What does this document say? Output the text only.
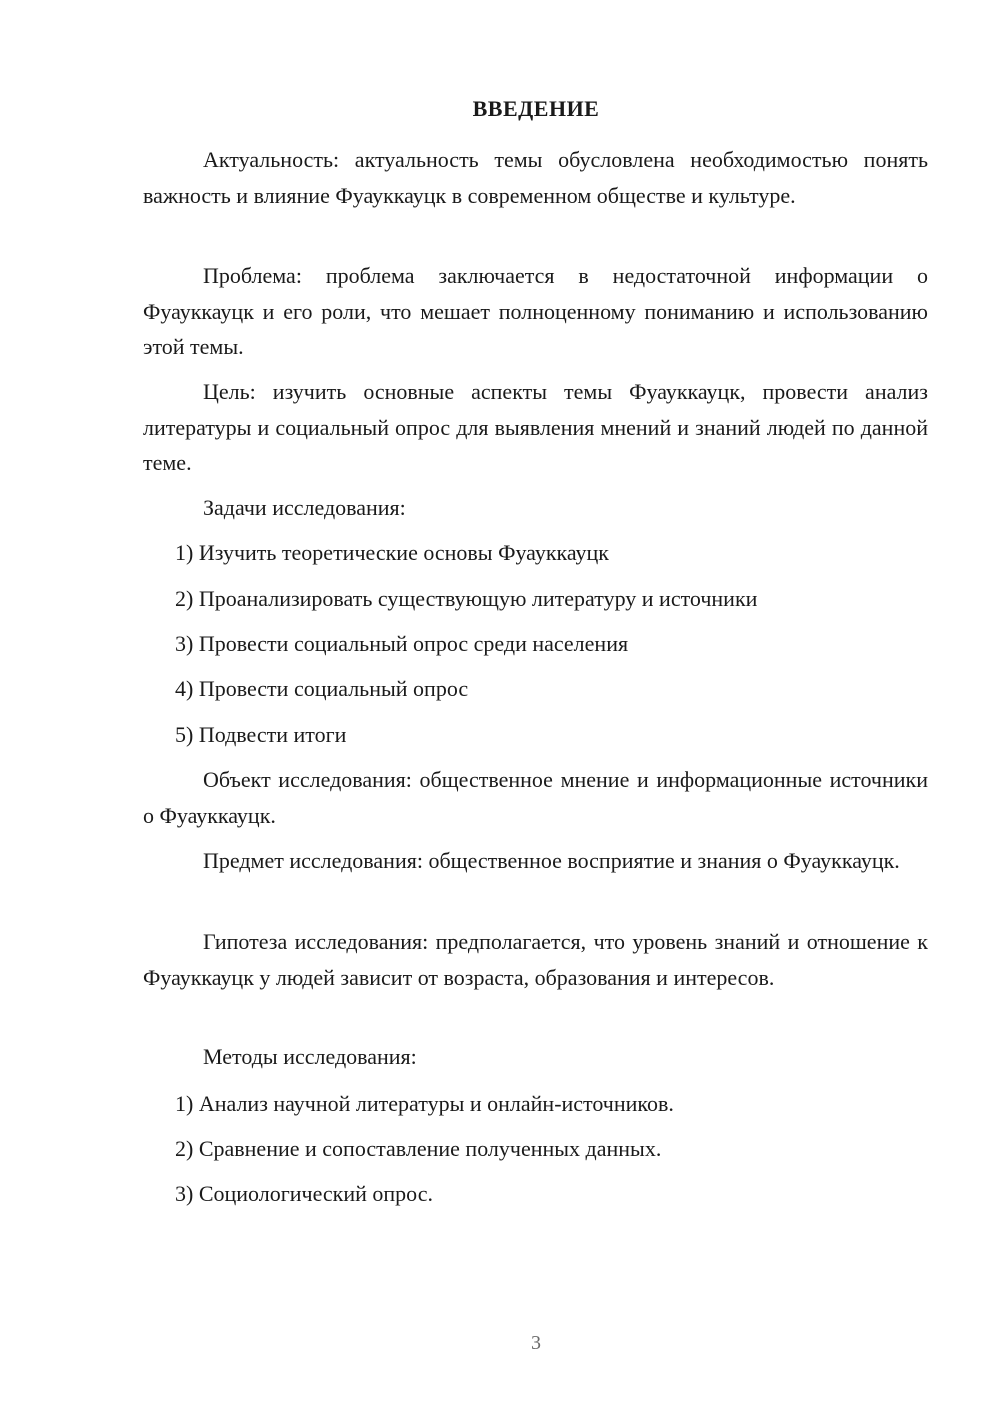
ВВЕДЕНИЕ

Актуальность: актуальность темы обусловлена необходимостью понять важность и влияние Фуауккауцк в современном обществе и культуре.

Проблема: проблема заключается в недостаточной информации о Фуауккауцк и его роли, что мешает полноценному пониманию и использованию этой темы.

Цель: изучить основные аспекты темы Фуауккауцк, провести анализ литературы и социальный опрос для выявления мнений и знаний людей по данной теме.

Задачи исследования:
1) Изучить теоретические основы Фуауккауцк
2) Проанализировать существующую литературу и источники
3) Провести социальный опрос среди населения
4) Провести социальный опрос
5) Подвести итоги

Объект исследования: общественное мнение и информационные источники о Фуауккауцк.

Предмет исследования: общественное восприятие и знания о Фуауккауцк.

Гипотеза исследования: предполагается, что уровень знаний и отношение к Фуауккауцк у людей зависит от возраста, образования и интересов.

Методы исследования:
1) Анализ научной литературы и онлайн-источников.
2) Сравнение и сопоставление полученных данных.
3) Социологический опрос.
3
